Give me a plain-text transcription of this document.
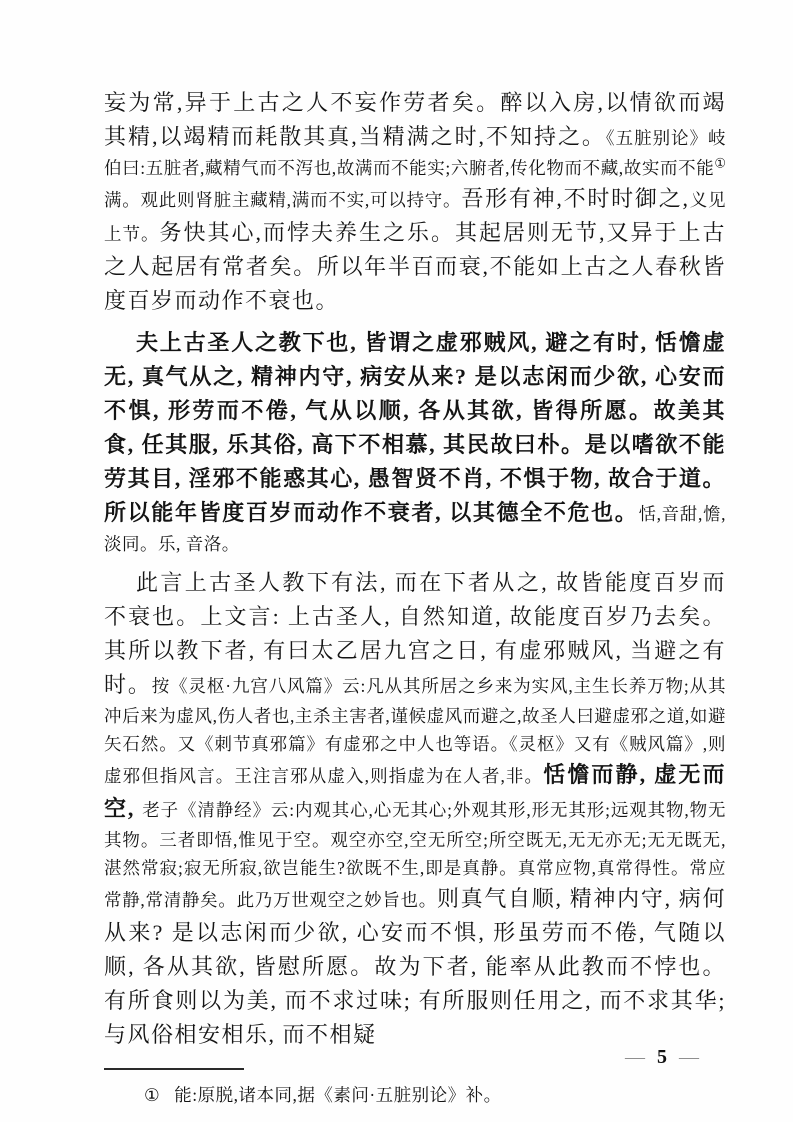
妄为常,异于上古之人不妄作劳者矣。醉以入房,以情欲而竭其精,以竭精而耗散其真,当精满之时,不知持之。《五脏别论》岐伯曰:五脏者,藏精气而不泻也,故满而不能实;六腑者,传化物而不藏,故实而不能①满。观此则肾脏主藏精,满而不实,可以持守。吾形有神,不时时御之,义见上节。务快其心,而悖夫养生之乐。其起居则无节,又异于上古之人起居有常者矣。所以年半百而衰,不能如上古之人春秋皆度百岁而动作不衰也。

夫上古圣人之教下也, 皆谓之虚邪贼风, 避之有时, 恬憺虚无, 真气从之, 精神内守, 病安从来? 是以志闲而少欲, 心安而不惧, 形劳而不倦, 气从以顺, 各从其欲, 皆得所愿。故美其食, 任其服, 乐其俗, 高下不相慕, 其民故曰朴。是以嗜欲不能劳其目, 淫邪不能惑其心, 愚智贤不肖, 不惧于物, 故合于道。所以能年皆度百岁而动作不衰者, 以其德全不危也。恬,音甜,憺,淡同。乐, 音洛。

此言上古圣人教下有法, 而在下者从之, 故皆能度百岁而不衰也。上文言: 上古圣人, 自然知道, 故能度百岁乃去矣。其所以教下者, 有曰太乙居九宫之日, 有虚邪贼风, 当避之有时。按《灵枢·九宫八风篇》云:凡从其所居之乡来为实风,主生长养万物;从其冲后来为虚风,伤人者也,主杀主害者,谨候虚风而避之,故圣人曰避虚邪之道,如避矢石然。又《刺节真邪篇》有虚邪之中人也等语。《灵枢》又有《贼风篇》,则虚邪但指风言。王注言邪从虚入,则指虚为在人者,非。恬憺而静, 虚无而空, 老子《清静经》云:内观其心,心无其心;外观其形,形无其形;远观其物,物无其物。三者即悟,惟见于空。观空亦空,空无所空;所空既无,无无亦无;无无既无,湛然常寂;寂无所寂,欲岂能生?欲既不生,即是真静。真常应物,真常得性。常应常静,常清静矣。此乃万世观空之妙旨也。则真气自顺, 精神内守, 病何从来? 是以志闲而少欲, 心安而不惧, 形虽劳而不倦, 气随以顺, 各从其欲, 皆慰所愿。故为下者, 能率从此教而不悖也。有所食则以为美, 而不求过味; 有所服则任用之, 而不求其华; 与风俗相安相乐, 而不相疑

① 能:原脱,诸本同,据《素问·五脏别论》补。
— 5 —
